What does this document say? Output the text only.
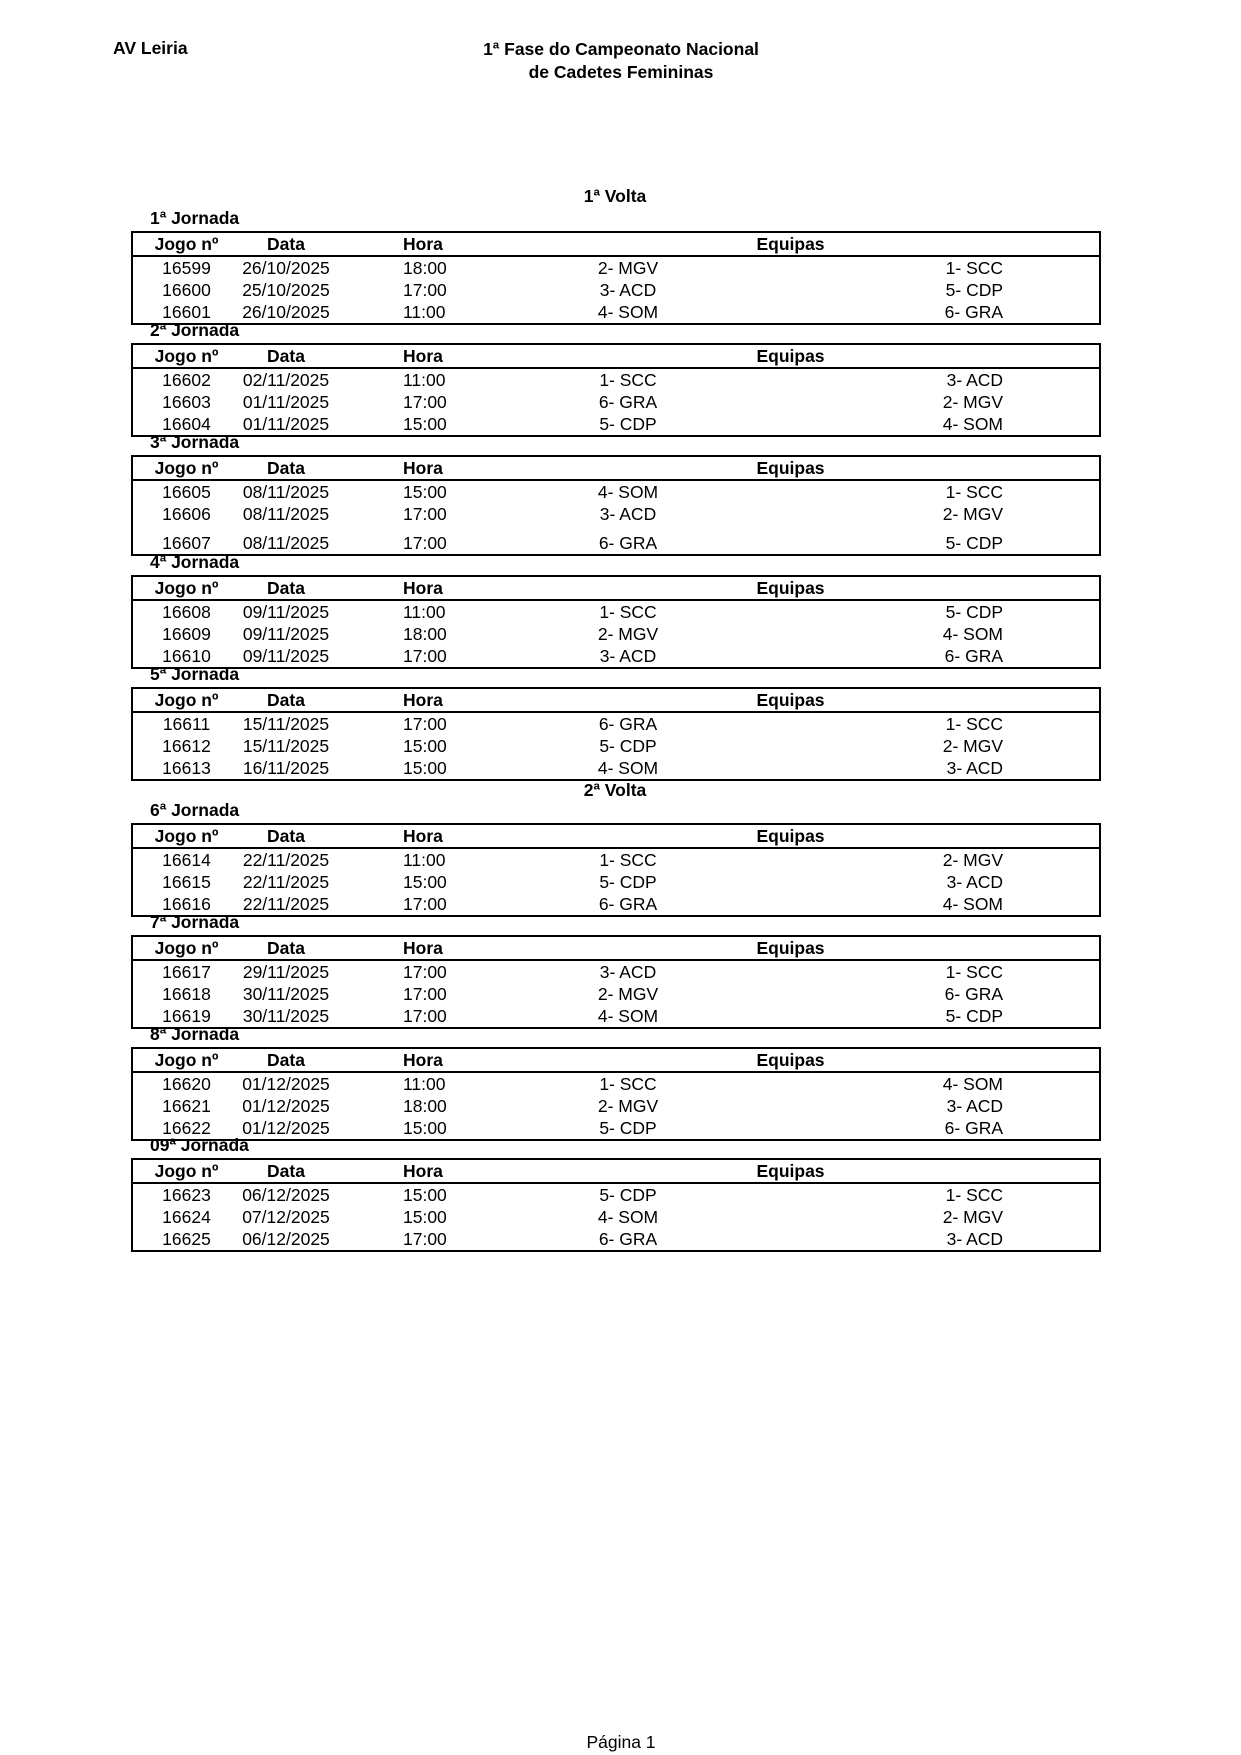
AV Leiria	1ª Fase do Campeonato Nacional
de Cadetes Femininas
1ª Volta
1ª Jornada
Jogo nº	Data	Hora	Equipas	
16599	26/10/2025	18:00	2- MGV	1- SCC
16600	25/10/2025	17:00	3- ACD	5- CDP
16601	26/10/2025	11:00	4- SOM	6- GRA
2ª Jornada
Jogo nº	Data	Hora	Equipas	
16602	02/11/2025	11:00	1- SCC	3- ACD
16603	01/11/2025	17:00	6- GRA	2- MGV
16604	01/11/2025	15:00	5- CDP	4- SOM
3ª Jornada
Jogo nº	Data	Hora	Equipas	
16605	08/11/2025	15:00	4- SOM	1- SCC
16606	08/11/2025	17:00	3- ACD	2- MGV
16607	08/11/2025	17:00	6- GRA	5- CDP
4ª Jornada
Jogo nº	Data	Hora	Equipas	
16608	09/11/2025	11:00	1- SCC	5- CDP
16609	09/11/2025	18:00	2- MGV	4- SOM
16610	09/11/2025	17:00	3- ACD	6- GRA
5ª Jornada
Jogo nº	Data	Hora	Equipas	
16611	15/11/2025	17:00	6- GRA	1- SCC
16612	15/11/2025	15:00	5- CDP	2- MGV
16613	16/11/2025	15:00	4- SOM	3- ACD
2ª Volta
6ª Jornada
Jogo nº	Data	Hora	Equipas	
16614	22/11/2025	11:00	1- SCC	2- MGV
16615	22/11/2025	15:00	5- CDP	3- ACD
16616	22/11/2025	17:00	6- GRA	4- SOM
7ª Jornada
Jogo nº	Data	Hora	Equipas	
16617	29/11/2025	17:00	3- ACD	1- SCC
16618	30/11/2025	17:00	2- MGV	6- GRA
16619	30/11/2025	17:00	4- SOM	5- CDP
8ª Jornada
Jogo nº	Data	Hora	Equipas	
16620	01/12/2025	11:00	1- SCC	4- SOM
16621	01/12/2025	18:00	2- MGV	3- ACD
16622	01/12/2025	15:00	5- CDP	6- GRA
09ª Jornada
Jogo nº	Data	Hora	Equipas	
16623	06/12/2025	15:00	5- CDP	1- SCC
16624	07/12/2025	15:00	4- SOM	2- MGV
16625	06/12/2025	17:00	6- GRA	3- ACD
Página 1
